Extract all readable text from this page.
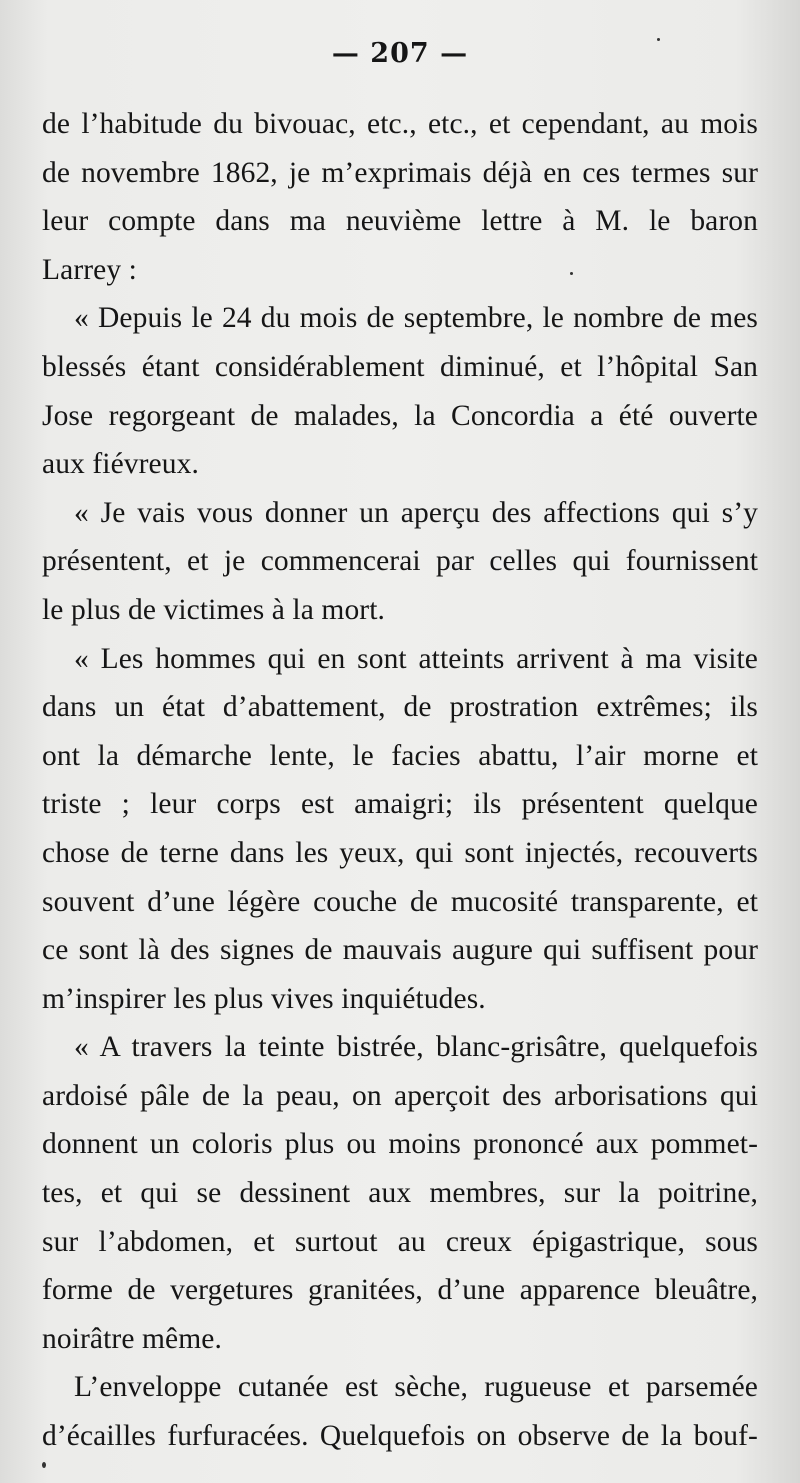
— 207 —
de l’habitude du bivouac, etc., etc., et cependant, au mois
de novembre 1862, je m’exprimais déjà en ces termes sur
leur compte dans ma neuvième lettre à M. le baron
Larrey :
« Depuis le 24 du mois de septembre, le nombre de mes
blessés étant considérablement diminué, et l’hôpital San
Jose regorgeant de malades, la Concordia a été ouverte
aux fiévreux.
« Je vais vous donner un aperçu des affections qui s’y
présentent, et je commencerai par celles qui fournissent
le plus de victimes à la mort.
« Les hommes qui en sont atteints arrivent à ma visite
dans un état d’abattement, de prostration extrêmes; ils
ont la démarche lente, le facies abattu, l’air morne et
triste ; leur corps est amaigri; ils présentent quelque
chose de terne dans les yeux, qui sont injectés, recouverts
souvent d’une légère couche de mucosité transparente, et
ce sont là des signes de mauvais augure qui suffisent pour
m’inspirer les plus vives inquiétudes.
« A travers la teinte bistrée, blanc-grisâtre, quelquefois
ardoisé pâle de la peau, on aperçoit des arborisations qui
donnent un coloris plus ou moins prononcé aux pommet-
tes, et qui se dessinent aux membres, sur la poitrine,
sur l’abdomen, et surtout au creux épigastrique, sous
forme de vergetures granitées, d’une apparence bleuâtre,
noirâtre même.
L’enveloppe cutanée est sèche, rugueuse et parsemée
d’écailles furfuracées. Quelquefois on observe de la bouf-
